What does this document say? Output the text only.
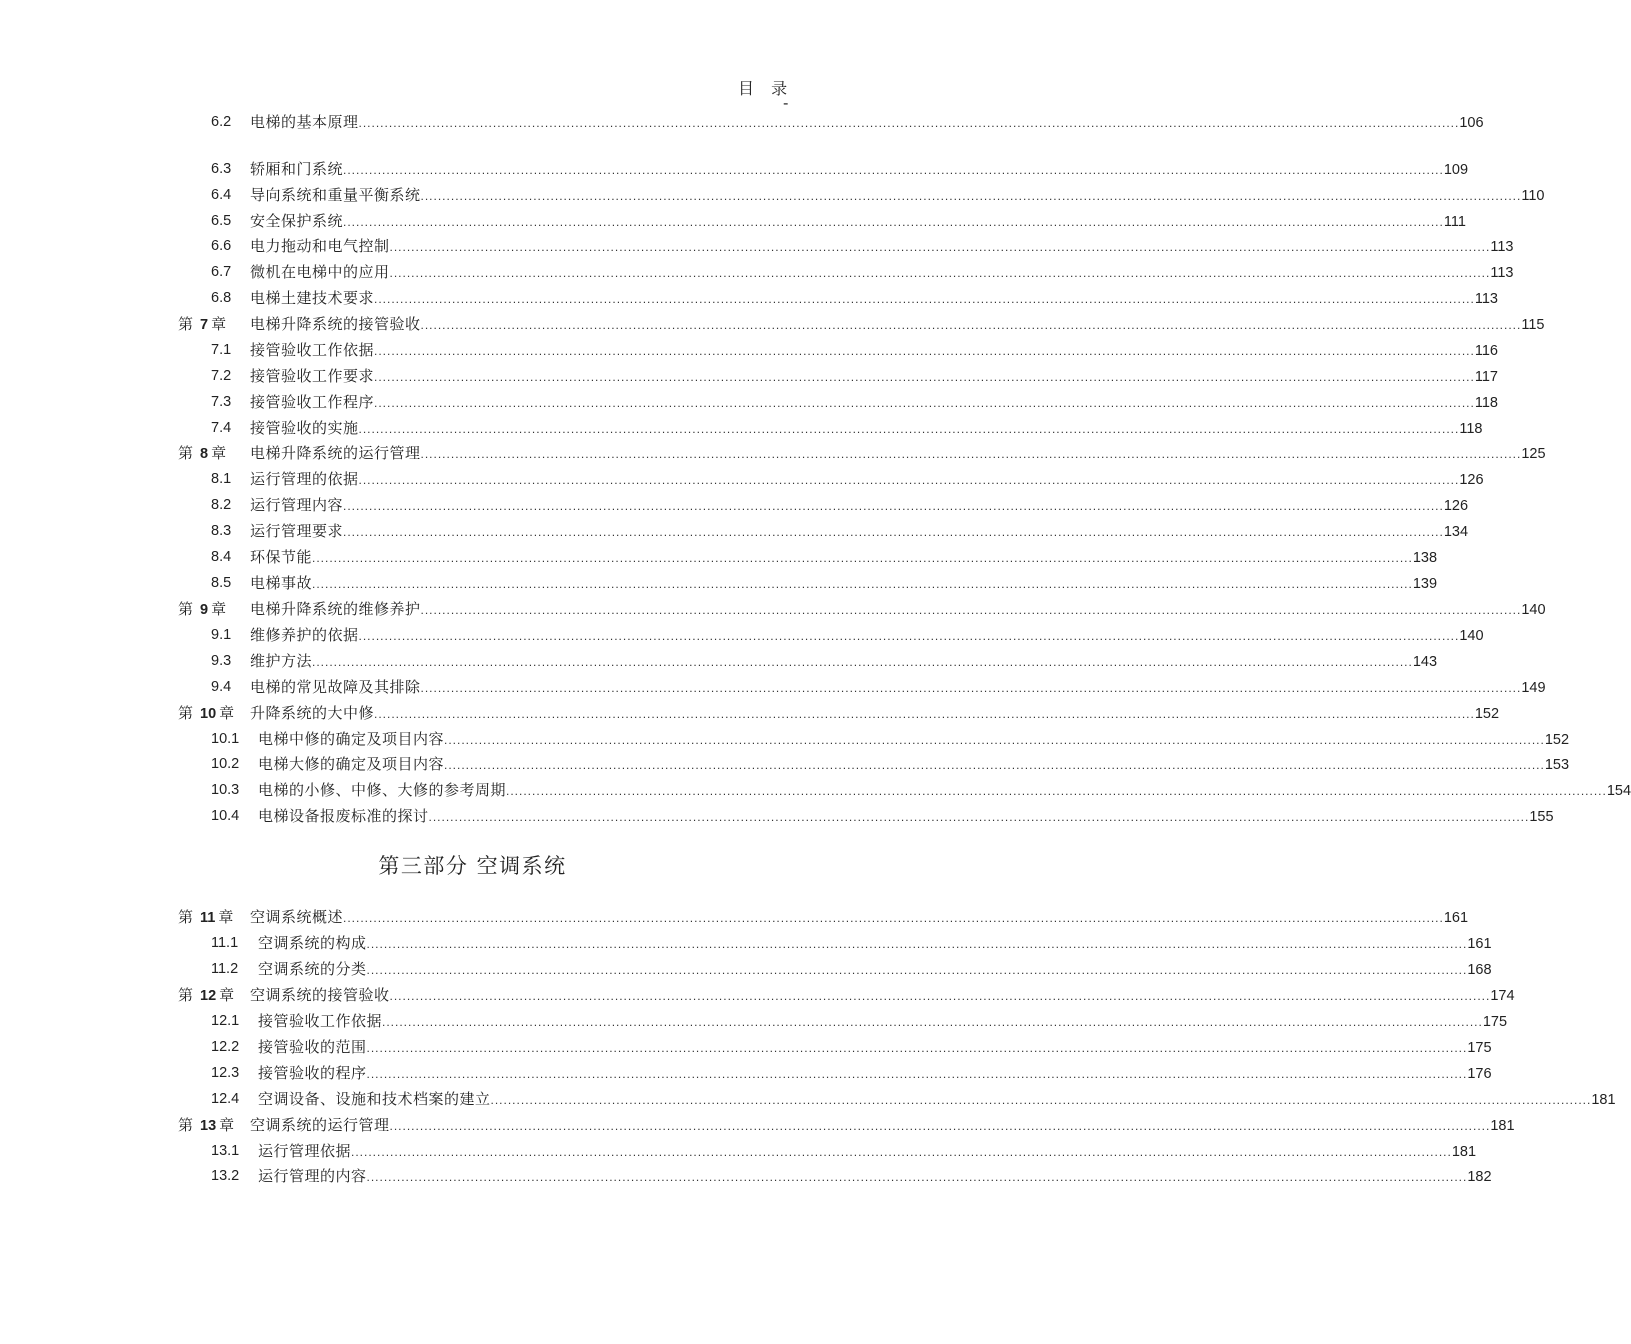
目 录
-
6.2 电梯的基本原理 .............................................................................................................................................................................................................................................................. 106
6.3 轿厢和门系统 .............................................................................................................................................................................................................................................................. 109
6.4 导向系统和重量平衡系统 .............................................................................................................................................................................................................................................................. 110
6.5 安全保护系统 .............................................................................................................................................................................................................................................................. 111
6.6 电力拖动和电气控制 .............................................................................................................................................................................................................................................................. 113
6.7 微机在电梯中的应用 .............................................................................................................................................................................................................................................................. 113
6.8 电梯土建技术要求 .............................................................................................................................................................................................................................................................. 113
第 7 章 电梯升降系统的接管验收 .............................................................................................................................................................................................................................................................. 115
7.1 接管验收工作依据 .............................................................................................................................................................................................................................................................. 116
7.2 接管验收工作要求 .............................................................................................................................................................................................................................................................. 117
7.3 接管验收工作程序 .............................................................................................................................................................................................................................................................. 118
7.4 接管验收的实施 .............................................................................................................................................................................................................................................................. 118
第 8 章 电梯升降系统的运行管理 .............................................................................................................................................................................................................................................................. 125
8.1 运行管理的依据 .............................................................................................................................................................................................................................................................. 126
8.2 运行管理内容 .............................................................................................................................................................................................................................................................. 126
8.3 运行管理要求 .............................................................................................................................................................................................................................................................. 134
8.4 环保节能 .............................................................................................................................................................................................................................................................. 138
8.5 电梯事故 .............................................................................................................................................................................................................................................................. 139
第 9 章 电梯升降系统的维修养护 .............................................................................................................................................................................................................................................................. 140
9.1 维修养护的依据 .............................................................................................................................................................................................................................................................. 140
9.3 维护方法 .............................................................................................................................................................................................................................................................. 143
9.4 电梯的常见故障及其排除 .............................................................................................................................................................................................................................................................. 149
第 10 章 升降系统的大中修 .............................................................................................................................................................................................................................................................. 152
10.1 电梯中修的确定及项目内容 .............................................................................................................................................................................................................................................................. 152
10.2 电梯大修的确定及项目内容 .............................................................................................................................................................................................................................................................. 153
10.3 电梯的小修、中修、大修的参考周期 .............................................................................................................................................................................................................................................................. 154
10.4 电梯设备报废标准的探讨 .............................................................................................................................................................................................................................................................. 155
第 11 章 空调系统概述 .............................................................................................................................................................................................................................................................. 161
11.1 空调系统的构成 .............................................................................................................................................................................................................................................................. 161
11.2 空调系统的分类 .............................................................................................................................................................................................................................................................. 168
第 12 章 空调系统的接管验收 .............................................................................................................................................................................................................................................................. 174
12.1 接管验收工作依据 .............................................................................................................................................................................................................................................................. 175
12.2 接管验收的范围 .............................................................................................................................................................................................................................................................. 175
12.3 接管验收的程序 .............................................................................................................................................................................................................................................................. 176
12.4 空调设备、设施和技术档案的建立 .............................................................................................................................................................................................................................................................. 181
第 13 章 空调系统的运行管理 .............................................................................................................................................................................................................................................................. 181
13.1 运行管理依据 .............................................................................................................................................................................................................................................................. 181
13.2 运行管理的内容 .............................................................................................................................................................................................................................................................. 182
第三部分 空调系统
